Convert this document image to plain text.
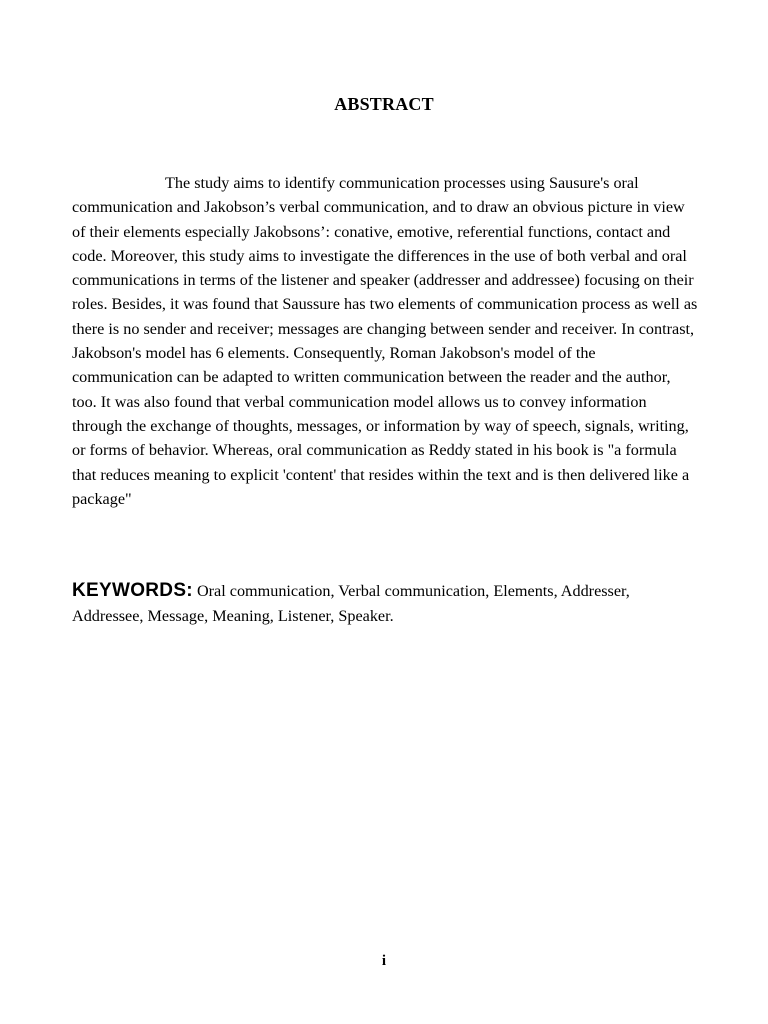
ABSTRACT

The study aims to identify communication processes using Sausure's oral communication and Jakobson’s verbal communication, and to draw an obvious picture in view of their elements especially Jakobsons’: conative, emotive, referential functions, contact and code. Moreover, this study aims to investigate the differences in the use of both verbal and oral communications in terms of the listener and speaker (addresser and addressee) focusing on their roles. Besides, it was found that Saussure has two elements of communication process as well as there is no sender and receiver; messages are changing between sender and receiver. In contrast, Jakobson's model has 6 elements. Consequently, Roman Jakobson's model of the communication can be adapted to written communication between the reader and the author, too. It was also found that verbal communication model allows us to convey information through the exchange of thoughts, messages, or information by way of speech, signals, writing, or forms of behavior. Whereas, oral communication as Reddy stated in his book is "a formula that reduces meaning to explicit 'content' that resides within the text and is then delivered like a package"

KEYWORDS: Oral communication, Verbal communication, Elements, Addresser, Addressee, Message, Meaning, Listener, Speaker.

i
